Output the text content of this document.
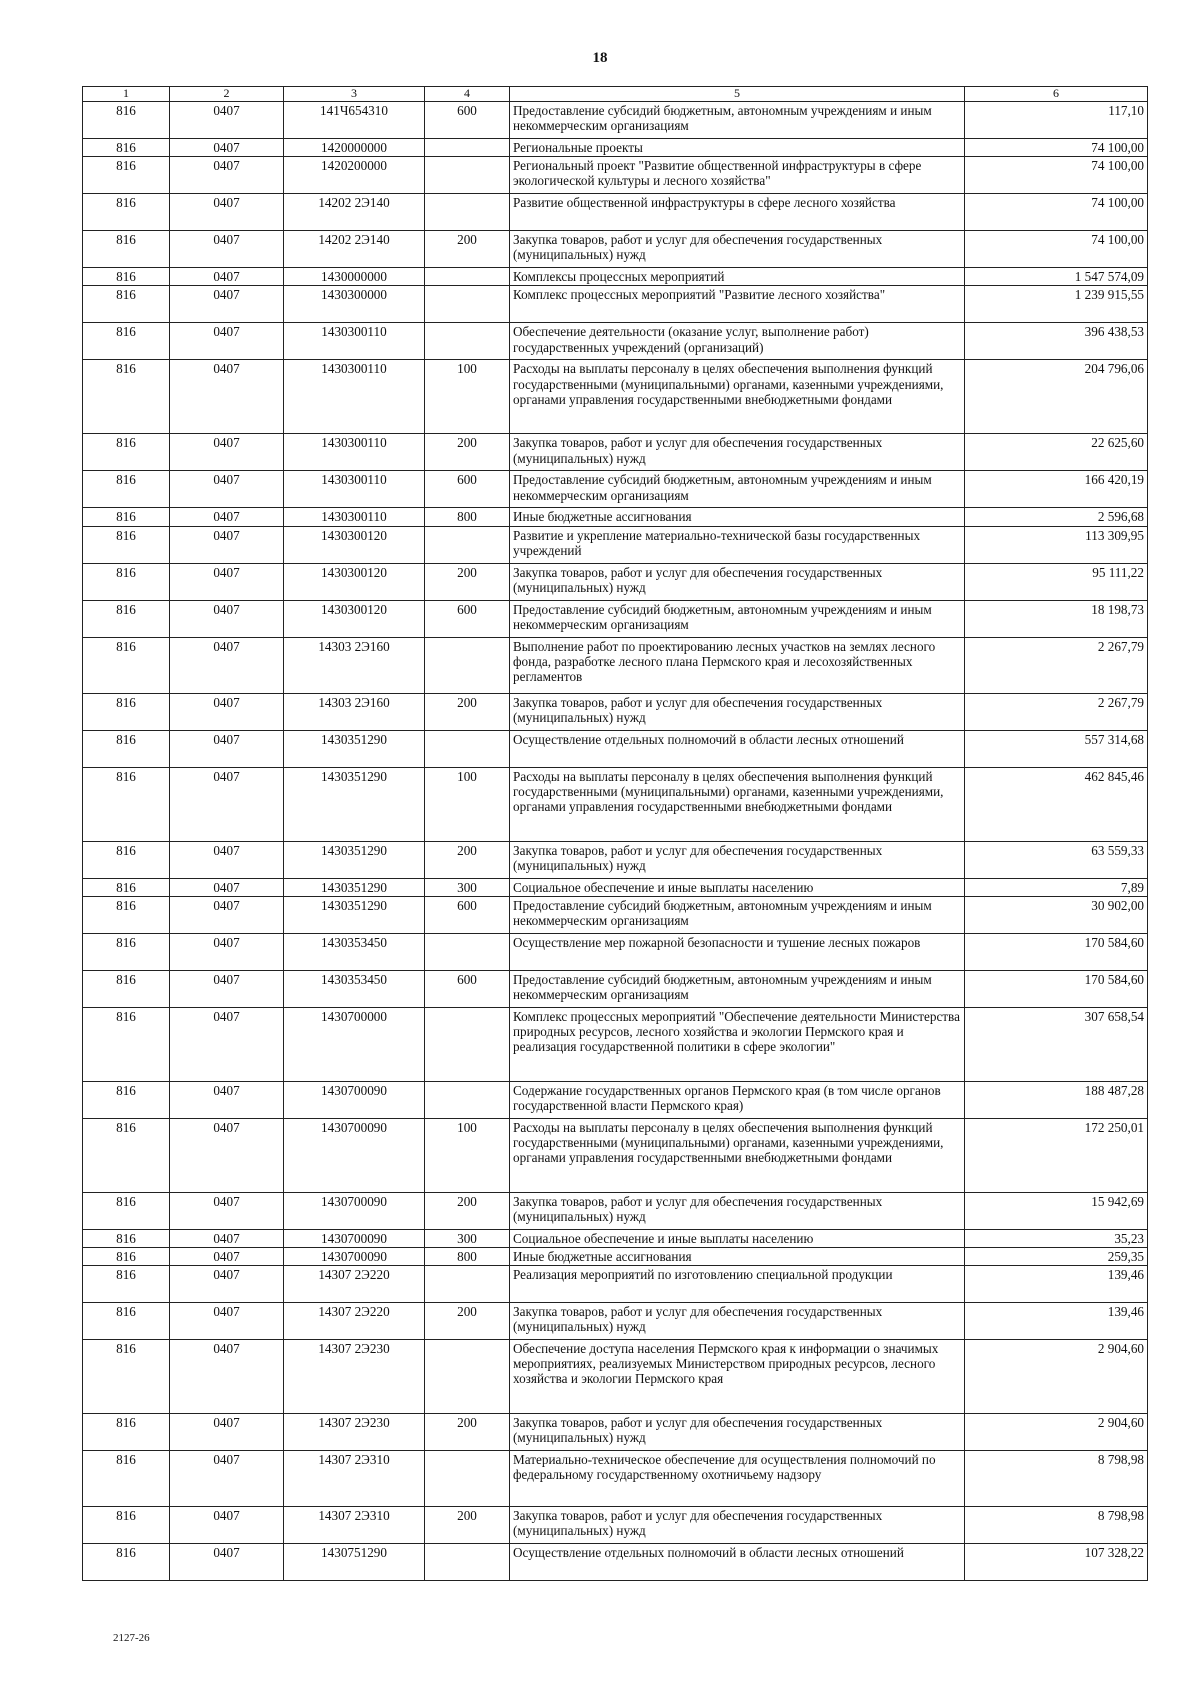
18
1	2	3	4	5	6
816	0407	141Ч654310	600	Предоставление субсидий бюджетным, автономным учреждениям и иным некоммерческим организациям	117,10
816	0407	1420000000		Региональные проекты	74 100,00
816	0407	1420200000		Региональный проект "Развитие общественной инфраструктуры в сфере экологической культуры и лесного хозяйства"	74 100,00
816	0407	14202 2Э140		Развитие общественной инфраструктуры в сфере лесного хозяйства	74 100,00
816	0407	14202 2Э140	200	Закупка товаров, работ и услуг для обеспечения государственных (муниципальных) нужд	74 100,00
816	0407	1430000000		Комплексы процессных мероприятий	1 547 574,09
816	0407	1430300000		Комплекс процессных мероприятий "Развитие лесного хозяйства"	1 239 915,55
816	0407	1430300110		Обеспечение деятельности (оказание услуг, выполнение работ) государственных учреждений (организаций)	396 438,53
816	0407	1430300110	100	Расходы на выплаты персоналу в целях обеспечения выполнения функций государственными (муниципальными) органами, казенными учреждениями, органами управления государственными внебюджетными фондами	204 796,06
816	0407	1430300110	200	Закупка товаров, работ и услуг для обеспечения государственных (муниципальных) нужд	22 625,60
816	0407	1430300110	600	Предоставление субсидий бюджетным, автономным учреждениям и иным некоммерческим организациям	166 420,19
816	0407	1430300110	800	Иные бюджетные ассигнования	2 596,68
816	0407	1430300120		Развитие и укрепление материально-технической базы государственных учреждений	113 309,95
816	0407	1430300120	200	Закупка товаров, работ и услуг для обеспечения государственных (муниципальных) нужд	95 111,22
816	0407	1430300120	600	Предоставление субсидий бюджетным, автономным учреждениям и иным некоммерческим организациям	18 198,73
816	0407	14303 2Э160		Выполнение работ по проектированию лесных участков на землях лесного фонда, разработке лесного плана Пермского края и лесохозяйственных регламентов	2 267,79
816	0407	14303 2Э160	200	Закупка товаров, работ и услуг для обеспечения государственных (муниципальных) нужд	2 267,79
816	0407	1430351290		Осуществление отдельных полномочий в области лесных отношений	557 314,68
816	0407	1430351290	100	Расходы на выплаты персоналу в целях обеспечения выполнения функций государственными (муниципальными) органами, казенными учреждениями, органами управления государственными внебюджетными фондами	462 845,46
816	0407	1430351290	200	Закупка товаров, работ и услуг для обеспечения государственных (муниципальных) нужд	63 559,33
816	0407	1430351290	300	Социальное обеспечение и иные выплаты населению	7,89
816	0407	1430351290	600	Предоставление субсидий бюджетным, автономным учреждениям и иным некоммерческим организациям	30 902,00
816	0407	1430353450		Осуществление мер пожарной безопасности и тушение лесных пожаров	170 584,60
816	0407	1430353450	600	Предоставление субсидий бюджетным, автономным учреждениям и иным некоммерческим организациям	170 584,60
816	0407	1430700000		Комплекс процессных мероприятий "Обеспечение деятельности Министерства природных ресурсов, лесного хозяйства и экологии Пермского края и реализация государственной политики в сфере экологии"	307 658,54
816	0407	1430700090		Содержание государственных органов Пермского края (в том числе органов государственной власти Пермского края)	188 487,28
816	0407	1430700090	100	Расходы на выплаты персоналу в целях обеспечения выполнения функций государственными (муниципальными) органами, казенными учреждениями, органами управления государственными внебюджетными фондами	172 250,01
816	0407	1430700090	200	Закупка товаров, работ и услуг для обеспечения государственных (муниципальных) нужд	15 942,69
816	0407	1430700090	300	Социальное обеспечение и иные выплаты населению	35,23
816	0407	1430700090	800	Иные бюджетные ассигнования	259,35
816	0407	14307 2Э220		Реализация мероприятий по изготовлению специальной продукции	139,46
816	0407	14307 2Э220	200	Закупка товаров, работ и услуг для обеспечения государственных (муниципальных) нужд	139,46
816	0407	14307 2Э230		Обеспечение доступа населения Пермского края к информации о значимых мероприятиях, реализуемых Министерством природных ресурсов, лесного хозяйства и экологии Пермского края	2 904,60
816	0407	14307 2Э230	200	Закупка товаров, работ и услуг для обеспечения государственных (муниципальных) нужд	2 904,60
816	0407	14307 2Э310		Материально-техническое обеспечение для осуществления полномочий по федеральному государственному охотничьему надзору	8 798,98
816	0407	14307 2Э310	200	Закупка товаров, работ и услуг для обеспечения государственных (муниципальных) нужд	8 798,98
816	0407	1430751290		Осуществление отдельных полномочий в области лесных отношений	107 328,22
2127-26
